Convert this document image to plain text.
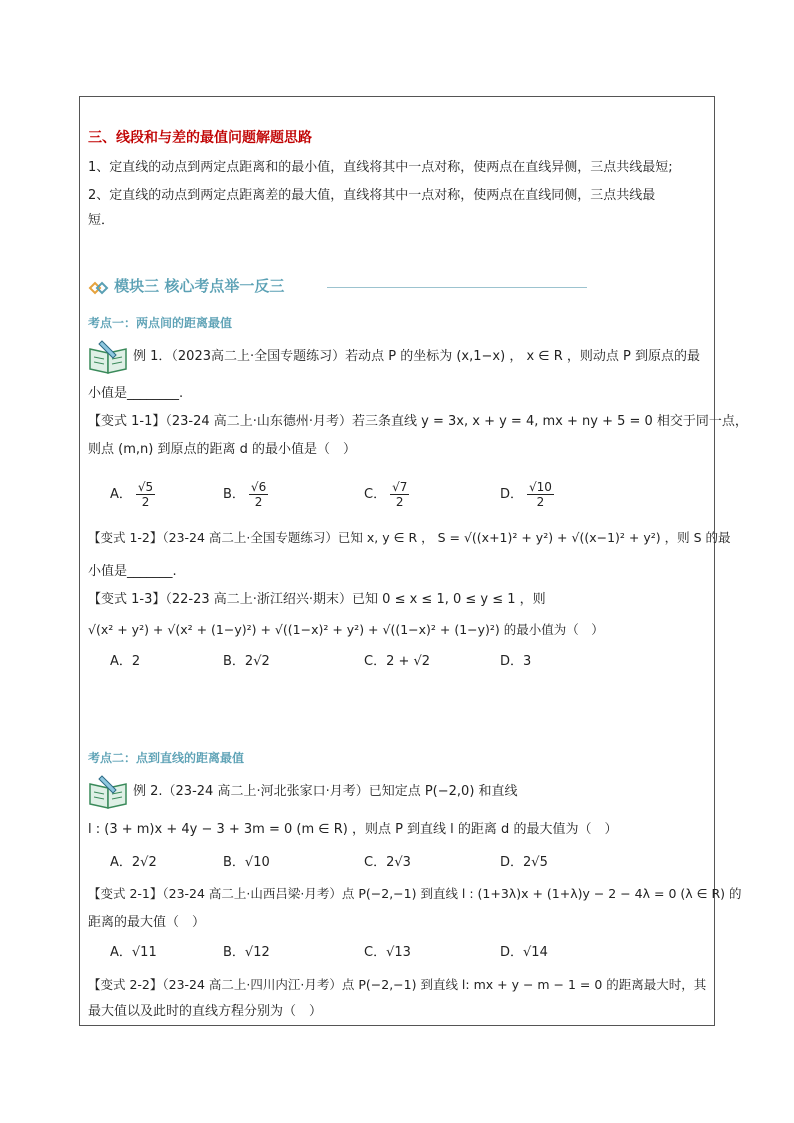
三、线段和与差的最值问题解题思路
1、定直线的动点到两定点距离和的最小值，直线将其中一点对称，使两点在直线异侧，三点共线最短;
2、定直线的动点到两定点距离差的最大值，直线将其中一点对称，使两点在直线同侧，三点共线最
短．
模块三 核心考点举一反三
考点一：两点间的距离最值
例 1．（2023高二上·全国专题练习）若动点 P 的坐标为 (x,1−x) ， x ∈ R ，则动点 P 到原点的最
小值是________.
【变式 1-1】（23-24 高二上·山东德州·月考）若三条直线 y = 3x, x + y = 4, mx + ny + 5 = 0 相交于同一点，
则点 (m,n) 到原点的距离 d 的最小值是（　）
A． $\frac{√5}{2}$	B． $\frac{√6}{2}$	C． $\frac{√7}{2}$	D． $\frac{√10}{2}$
【变式 1-2】（23-24 高二上·全国专题练习）已知 x, y ∈ R ， S = √((x+1)² + y²) + √((x−1)² + y²) ，则 S 的最
小值是_______.
【变式 1-3】（22-23 高二上·浙江绍兴·期末）已知 0 ≤ x ≤ 1, 0 ≤ y ≤ 1 ，则
√(x² + y²) + √(x² + (1−y)²) + √((1−x)² + y²) + √((1−x)² + (1−y)²) 的最小值为（　）
A．2	B．2√2	C．2 + √2	D．3
考点二：点到直线的距离最值
例 2.（23-24 高二上·河北张家口·月考）已知定点 P(−2,0) 和直线
l : (3 + m)x + 4y − 3 + 3m = 0 (m ∈ R) ，则点 P 到直线 l 的距离 d 的最大值为（　）
A．2√2	B．√10	C．2√3	D．2√5
【变式 2-1】（23-24 高二上·山西吕梁·月考）点 P(−2,−1) 到直线 l : (1+3λ)x + (1+λ)y − 2 − 4λ = 0 (λ ∈ R) 的
距离的最大值（　）
A．√11	B．√12	C．√13	D．√14
【变式 2-2】（23-24 高二上·四川内江·月考）点 P(−2,−1) 到直线 l: mx + y − m − 1 = 0 的距离最大时，其
最大值以及此时的直线方程分别为（　）
